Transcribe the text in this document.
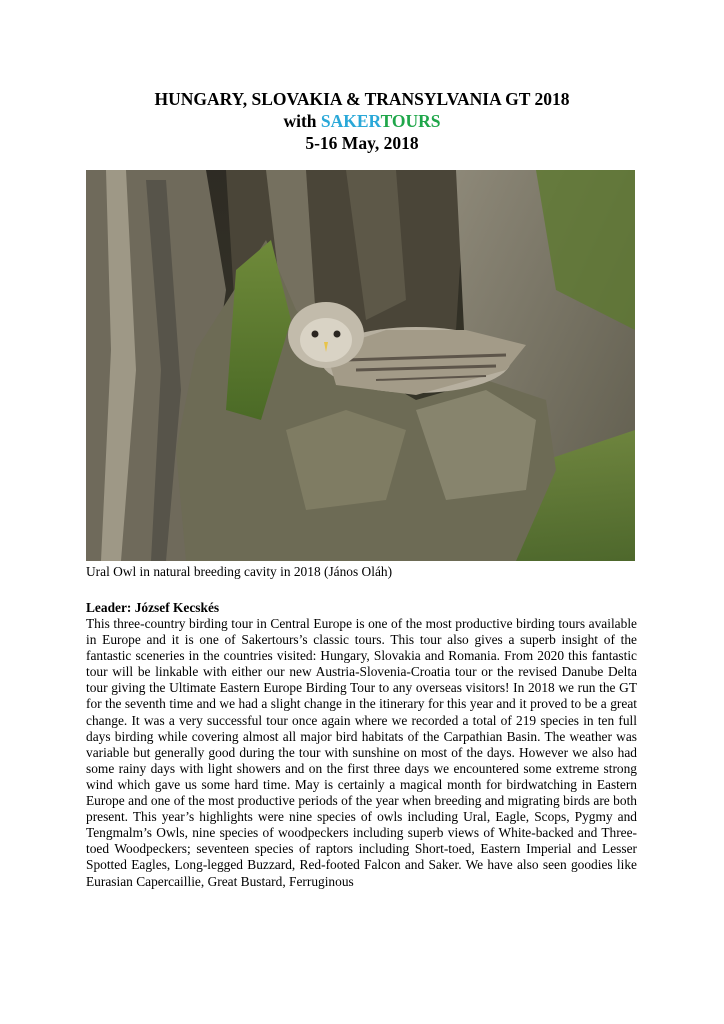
HUNGARY, SLOVAKIA & TRANSYLVANIA GT 2018
with SAKERTOURS
5-16 May, 2018
Ural Owl in natural breeding cavity in 2018 (János Oláh)
Leader: József Kecskés

This three-country birding tour in Central Europe is one of the most productive birding tours available in Europe and it is one of Sakertours’s classic tours. This tour also gives a superb insight of the fantastic sceneries in the countries visited: Hungary, Slovakia and Romania. From 2020 this fantastic tour will be linkable with either our new Austria-Slovenia-Croatia tour or the revised Danube Delta tour giving the Ultimate Eastern Europe Birding Tour to any overseas visitors! In 2018 we run the GT for the seventh time and we had a slight change in the itinerary for this year and it proved to be a great change. It was a very successful tour once again where we recorded a total of 219 species in ten full days birding while covering almost all major bird habitats of the Carpathian Basin. The weather was variable but generally good during the tour with sunshine on most of the days. However we also had some rainy days with light showers and on the first three days we encountered some extreme strong wind which gave us some hard time. May is certainly a magical month for birdwatching in Eastern Europe and one of the most productive periods of the year when breeding and migrating birds are both present. This year’s highlights were nine species of owls including Ural, Eagle, Scops, Pygmy and Tengmalm’s Owls, nine species of woodpeckers including superb views of White-backed and Three-toed Woodpeckers; seventeen species of raptors including Short-toed, Eastern Imperial and Lesser Spotted Eagles, Long-legged Buzzard, Red-footed Falcon and Saker. We have also seen goodies like Eurasian Capercaillie, Great Bustard, Ferruginous
